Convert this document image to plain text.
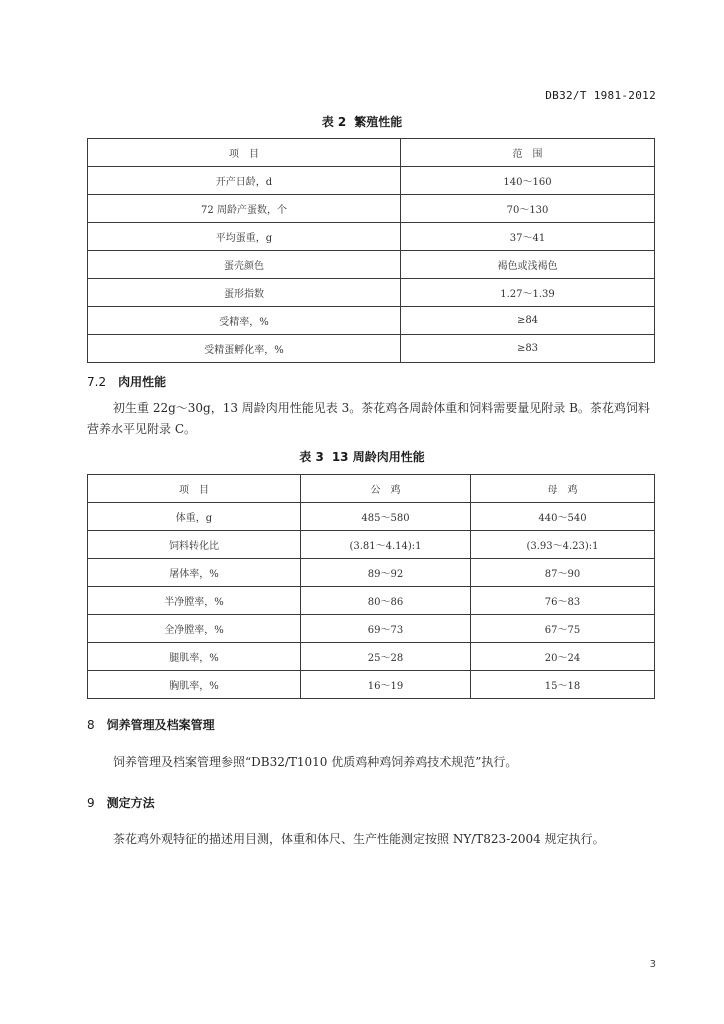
DB32/T 1981-2012
表 2 繁殖性能
项　目	范　围
开产日龄，d	140～160
72 周龄产蛋数，个	70～130
平均蛋重，g	37～41
蛋壳颜色	褐色或浅褐色
蛋形指数	1.27～1.39
受精率，%	≥84
受精蛋孵化率，%	≥83
7.2 肉用性能
初生重 22g～30g，13 周龄肉用性能见表 3。茶花鸡各周龄体重和饲料需要量见附录 B。茶花鸡饲料营养水平见附录 C。
表 3 13 周龄肉用性能
项　目	公　鸡	母　鸡
体重，g	485～580	440～540
饲料转化比	(3.81～4.14):1	(3.93～4.23):1
屠体率，%	89～92	87～90
半净膛率，%	80～86	76～83
全净膛率，%	69～73	67～75
腿肌率，%	25～28	20～24
胸肌率，%	16～19	15～18
8 饲养管理及档案管理
饲养管理及档案管理参照“DB32/T1010 优质鸡种鸡饲养鸡技术规范”执行。
9 测定方法
茶花鸡外观特征的描述用目测，体重和体尺、生产性能测定按照 NY/T823-2004 规定执行。
3
